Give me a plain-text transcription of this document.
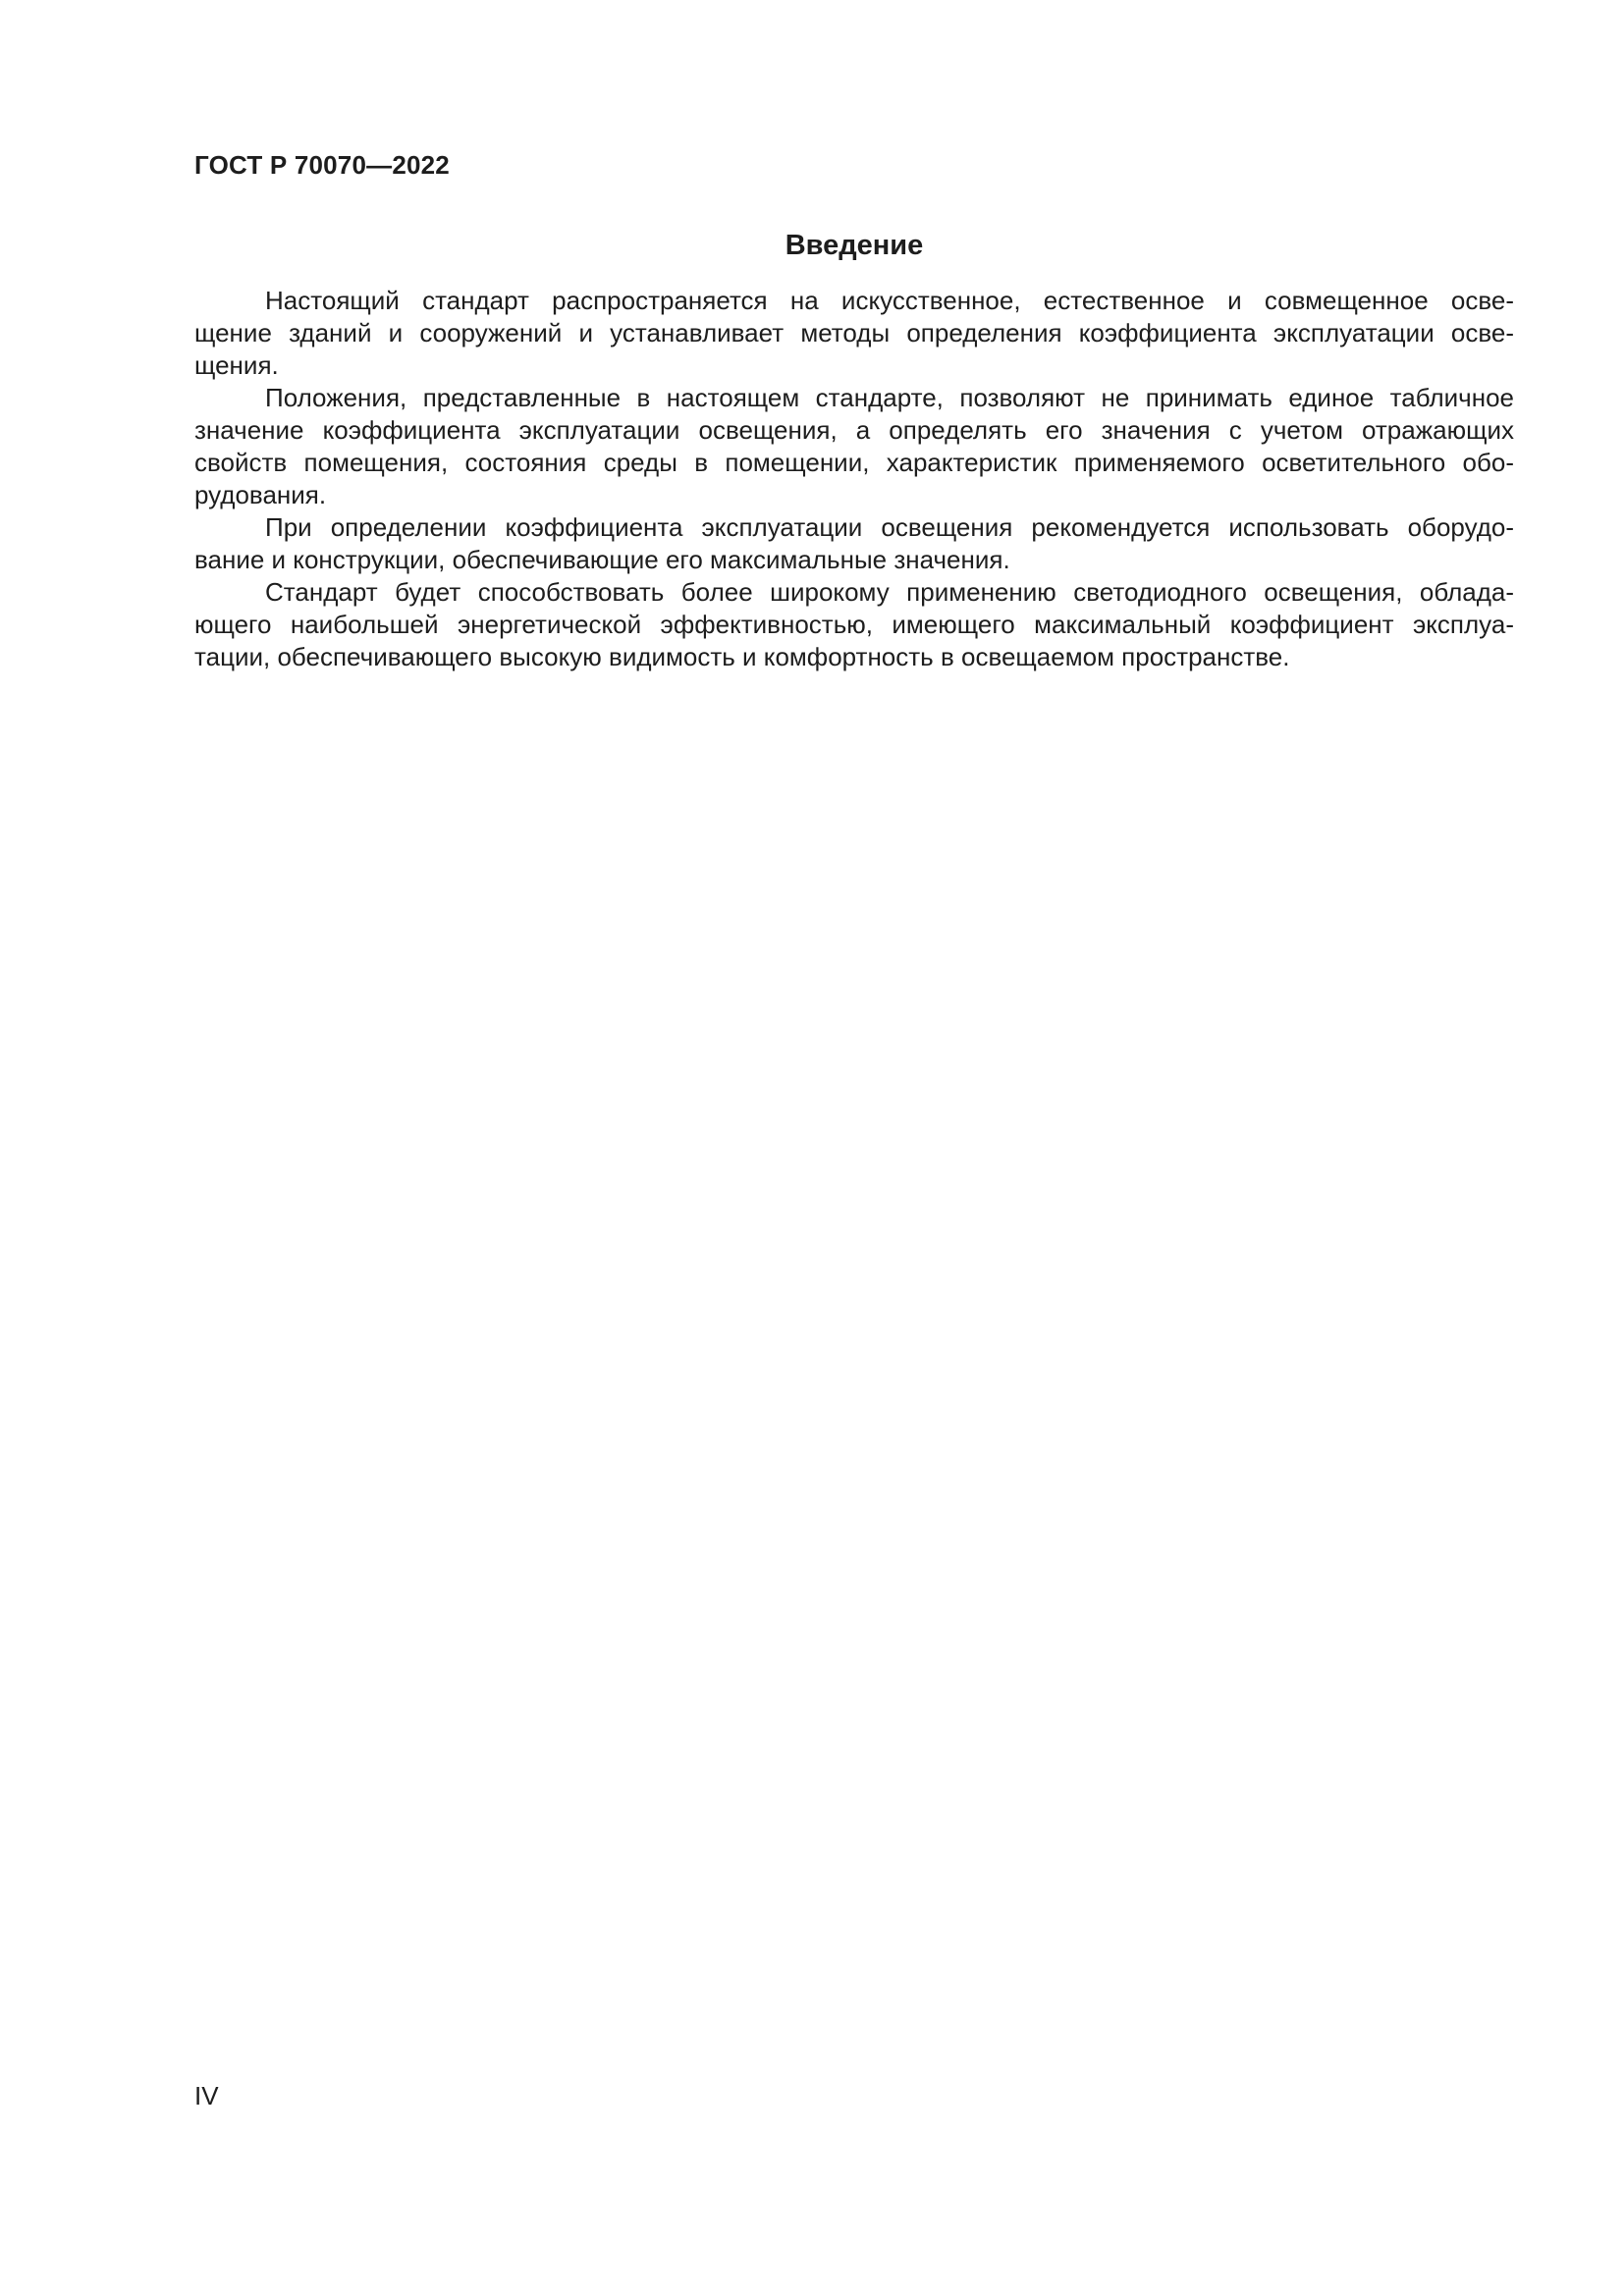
ГОСТ Р 70070—2022

Введение
Настоящий стандарт распространяется на искусственное, естественное и совмещенное осве-
щение зданий и сооружений и устанавливает методы определения коэффициента эксплуатации осве-
щения.
Положения, представленные в настоящем стандарте, позволяют не принимать единое табличное
значение коэффициента эксплуатации освещения, а определять его значения с учетом отражающих
свойств помещения, состояния среды в помещении, характеристик применяемого осветительного обо-
рудования.
При определении коэффициента эксплуатации освещения рекомендуется использовать оборудо-
вание и конструкции, обеспечивающие его максимальные значения.
Стандарт будет способствовать более широкому применению светодиодного освещения, облада-
ющего наибольшей энергетической эффективностью, имеющего максимальный коэффициент эксплуа-
тации, обеспечивающего высокую видимость и комфортность в освещаемом пространстве.

IV
